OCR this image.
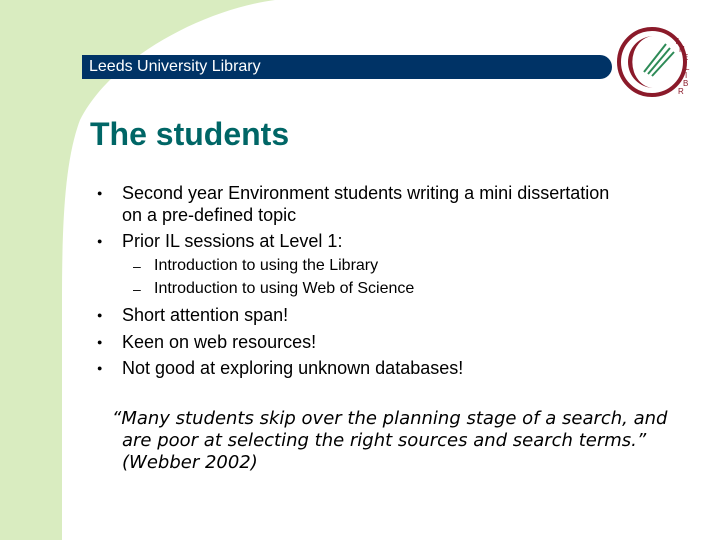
Leeds University Library
T
H
E
L
I
B
R
The students
● Second year Environment students writing a mini dissertation
on a pre-defined topic
● Prior IL sessions at Level 1:
– Introduction to using the Library
– Introduction to using Web of Science
● Short attention span!
● Keen on web resources!
● Not good at exploring unknown databases!
“Many students skip over the planning stage of a search, and
are poor at selecting the right sources and search terms.”
(Webber 2002)
